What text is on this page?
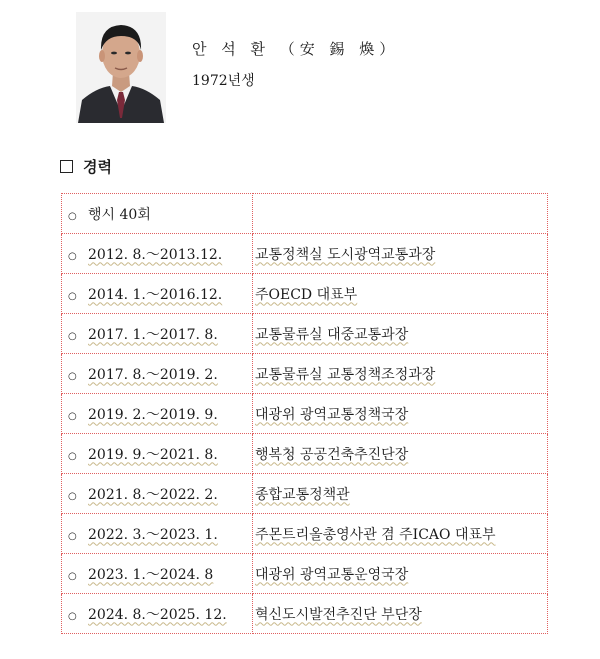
안 석 환 （安 錫 煥）
1972년생
경력
○ 행시 40회	
○ 2012. 8.～2013.12.	교통정책실 도시광역교통과장
○ 2014. 1.～2016.12.	주OECD 대표부
○ 2017. 1.～2017. 8.	교통물류실 대중교통과장
○ 2017. 8.～2019. 2.	교통물류실 교통정책조정과장
○ 2019. 2.～2019. 9.	대광위 광역교통정책국장
○ 2019. 9.～2021. 8.	행복청 공공건축추진단장
○ 2021. 8.～2022. 2.	종합교통정책관
○ 2022. 3.～2023. 1.	주몬트리올총영사관 겸 주ICAO 대표부
○ 2023. 1.～2024. 8	대광위 광역교통운영국장
○ 2024. 8.～2025. 12.	혁신도시발전추진단 부단장
